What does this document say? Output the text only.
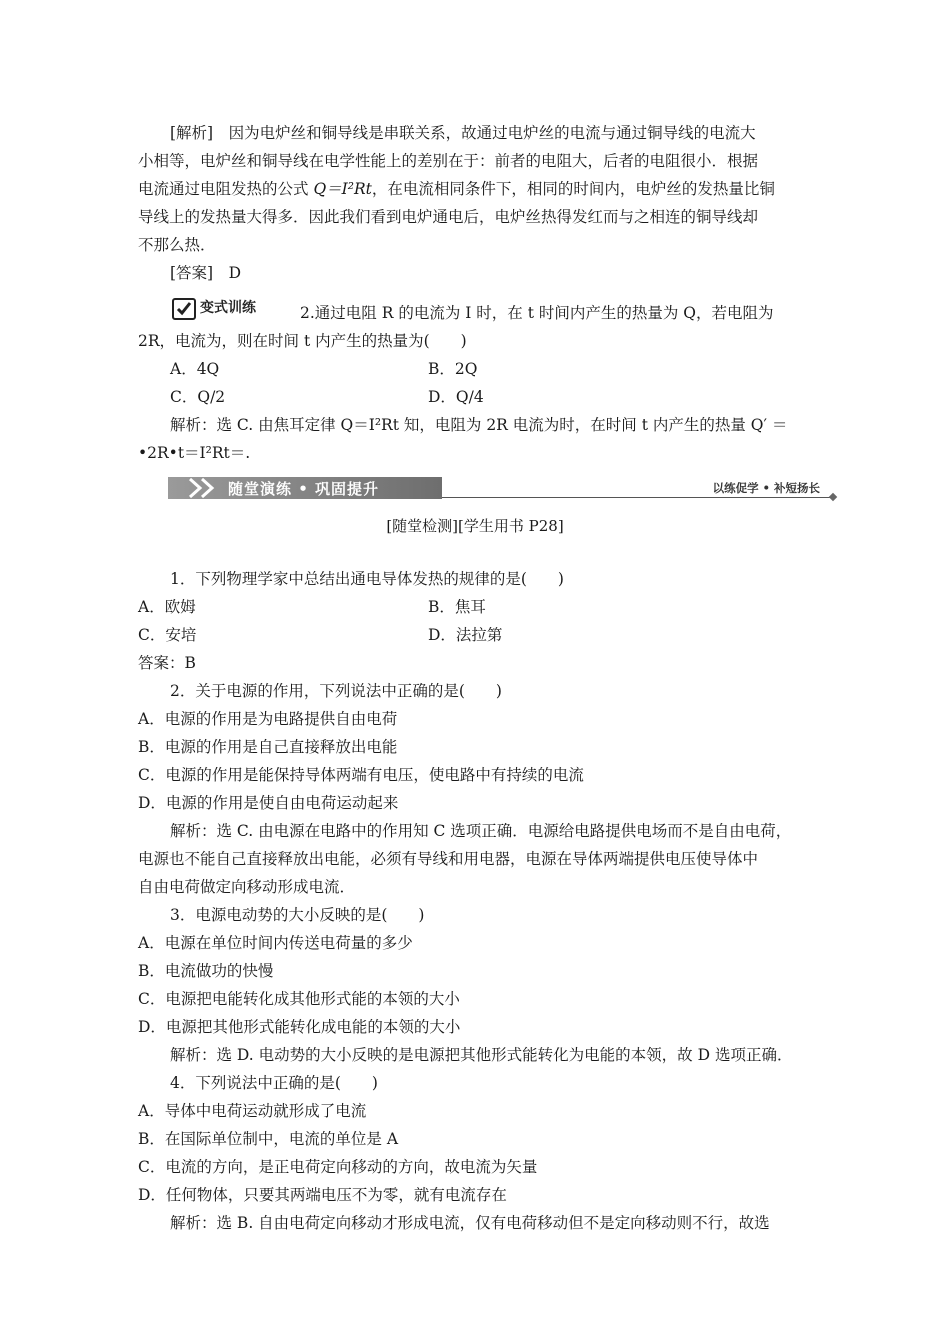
[解析]　因为电炉丝和铜导线是串联关系，故通过电炉丝的电流与通过铜导线的电流大
小相等，电炉丝和铜导线在电学性能上的差别在于：前者的电阻大，后者的电阻很小．根据
电流通过电阻发热的公式 Q＝I²Rt，在电流相同条件下，相同的时间内，电炉丝的发热量比铜
导线上的发热量大得多．因此我们看到电炉通电后，电炉丝热得发红而与之相连的铜导线却
不那么热．
[答案]　D
变式训练	2.通过电阻 R 的电流为 I 时，在 t 时间内产生的热量为 Q，若电阻为
2R，电流为，则在时间 t 内产生的热量为(　　)
A．4Q	B．2Q
C．Q/2	D．Q/4
解析：选 C. 由焦耳定律 Q＝I²Rt 知，电阻为 2R 电流为时，在时间 t 内产生的热量 Q′ ＝
•2R•t＝I²Rt＝.
随堂演练 • 巩固提升	以练促学 • 补短扬长
[随堂检测][学生用书 P28]
1．下列物理学家中总结出通电导体发热的规律的是(　　)
A．欧姆	B．焦耳
C．安培	D．法拉第
答案：B
2．关于电源的作用，下列说法中正确的是(　　)
A．电源的作用是为电路提供自由电荷
B．电源的作用是自己直接释放出电能
C．电源的作用是能保持导体两端有电压，使电路中有持续的电流
D．电源的作用是使自由电荷运动起来
解析：选 C. 由电源在电路中的作用知 C 选项正确．电源给电路提供电场而不是自由电荷，
电源也不能自己直接释放出电能，必须有导线和用电器，电源在导体两端提供电压使导体中
自由电荷做定向移动形成电流．
3．电源电动势的大小反映的是(　　)
A．电源在单位时间内传送电荷量的多少
B．电流做功的快慢
C．电源把电能转化成其他形式能的本领的大小
D．电源把其他形式能转化成电能的本领的大小
解析：选 D. 电动势的大小反映的是电源把其他形式能转化为电能的本领，故 D 选项正确．
4．下列说法中正确的是(　　)
A．导体中电荷运动就形成了电流
B．在国际单位制中，电流的单位是 A
C．电流的方向，是正电荷定向移动的方向，故电流为矢量
D．任何物体，只要其两端电压不为零，就有电流存在
解析：选 B. 自由电荷定向移动才形成电流，仅有电荷移动但不是定向移动则不行，故选
